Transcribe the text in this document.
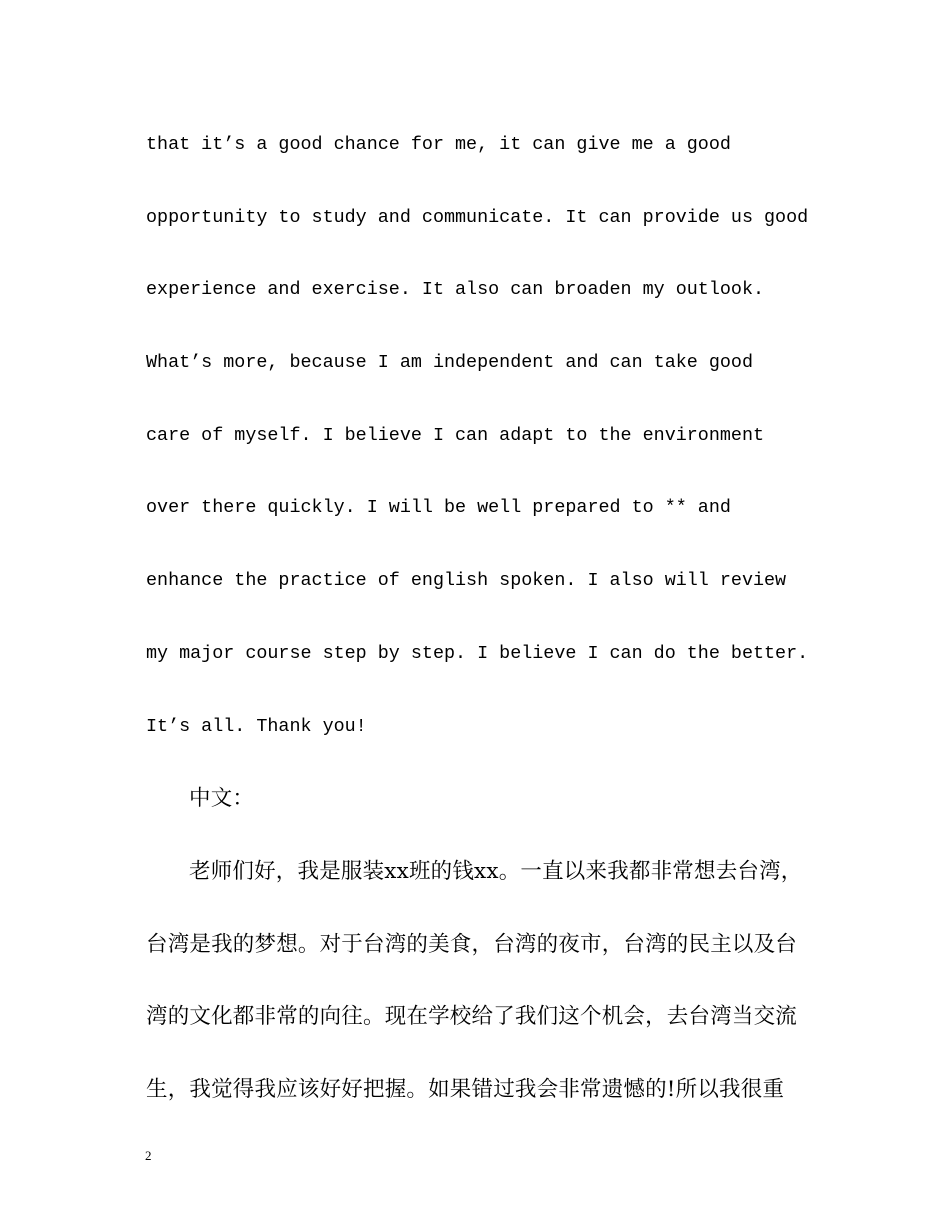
that it’s a good chance for me, it can give me a good
opportunity to study and communicate. It can provide us good
experience and exercise. It also can broaden my outlook.
What’s more, because I am independent and can take good
care of myself. I believe I can adapt to the environment
over there quickly. I will be well prepared to ** and
enhance the practice of english spoken. I also will review
my major course step by step. I believe I can do the better.
It’s all. Thank you!
中文：
老师们好，我是服装xx班的钱xx。一直以来我都非常想去台湾，
台湾是我的梦想。对于台湾的美食，台湾的夜市，台湾的民主以及台
湾的文化都非常的向往。现在学校给了我们这个机会，去台湾当交流
生，我觉得我应该好好把握。如果错过我会非常遗憾的!所以我很重
2
